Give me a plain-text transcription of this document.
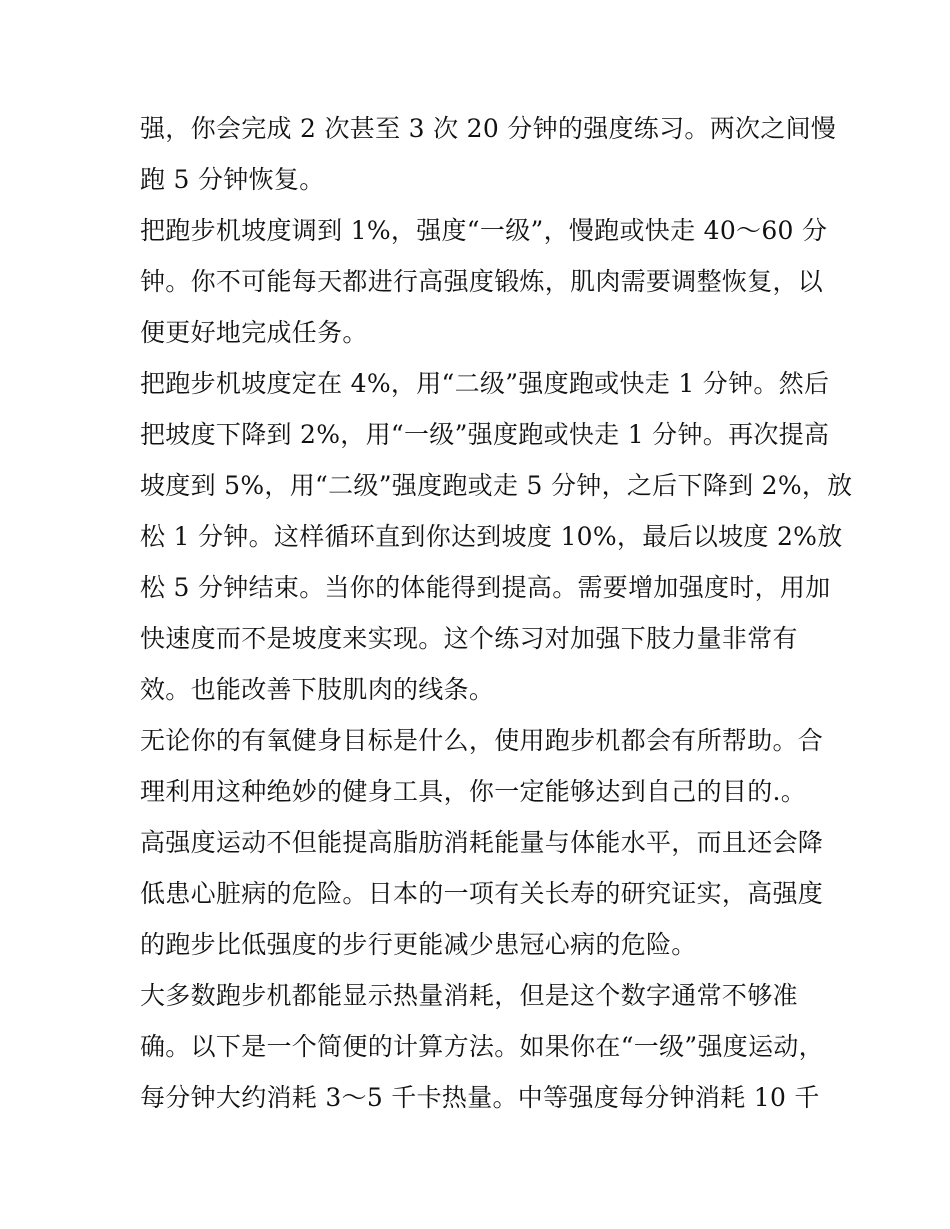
强，你会完成 2 次甚至 3 次 20 分钟的强度练习。两次之间慢
跑 5 分钟恢复。
把跑步机坡度调到 1%，强度“一级”，慢跑或快走 40～60 分
钟。你不可能每天都进行高强度锻炼，肌肉需要调整恢复，以
便更好地完成任务。
把跑步机坡度定在 4%，用“二级”强度跑或快走 1 分钟。然后
把坡度下降到 2%，用“一级”强度跑或快走 1 分钟。再次提高
坡度到 5%，用“二级”强度跑或走 5 分钟，之后下降到 2%，放
松 1 分钟。这样循环直到你达到坡度 10%，最后以坡度 2%放
松 5 分钟结束。当你的体能得到提高。需要增加强度时，用加
快速度而不是坡度来实现。这个练习对加强下肢力量非常有
效。也能改善下肢肌肉的线条。
无论你的有氧健身目标是什么，使用跑步机都会有所帮助。合
理利用这种绝妙的健身工具，你一定能够达到自己的目的.。
高强度运动不但能提高脂肪消耗能量与体能水平，而且还会降
低患心脏病的危险。日本的一项有关长寿的研究证实，高强度
的跑步比低强度的步行更能减少患冠心病的危险。
大多数跑步机都能显示热量消耗，但是这个数字通常不够准
确。以下是一个简便的计算方法。如果你在“一级”强度运动，
每分钟大约消耗 3～5 千卡热量。中等强度每分钟消耗 10 千
